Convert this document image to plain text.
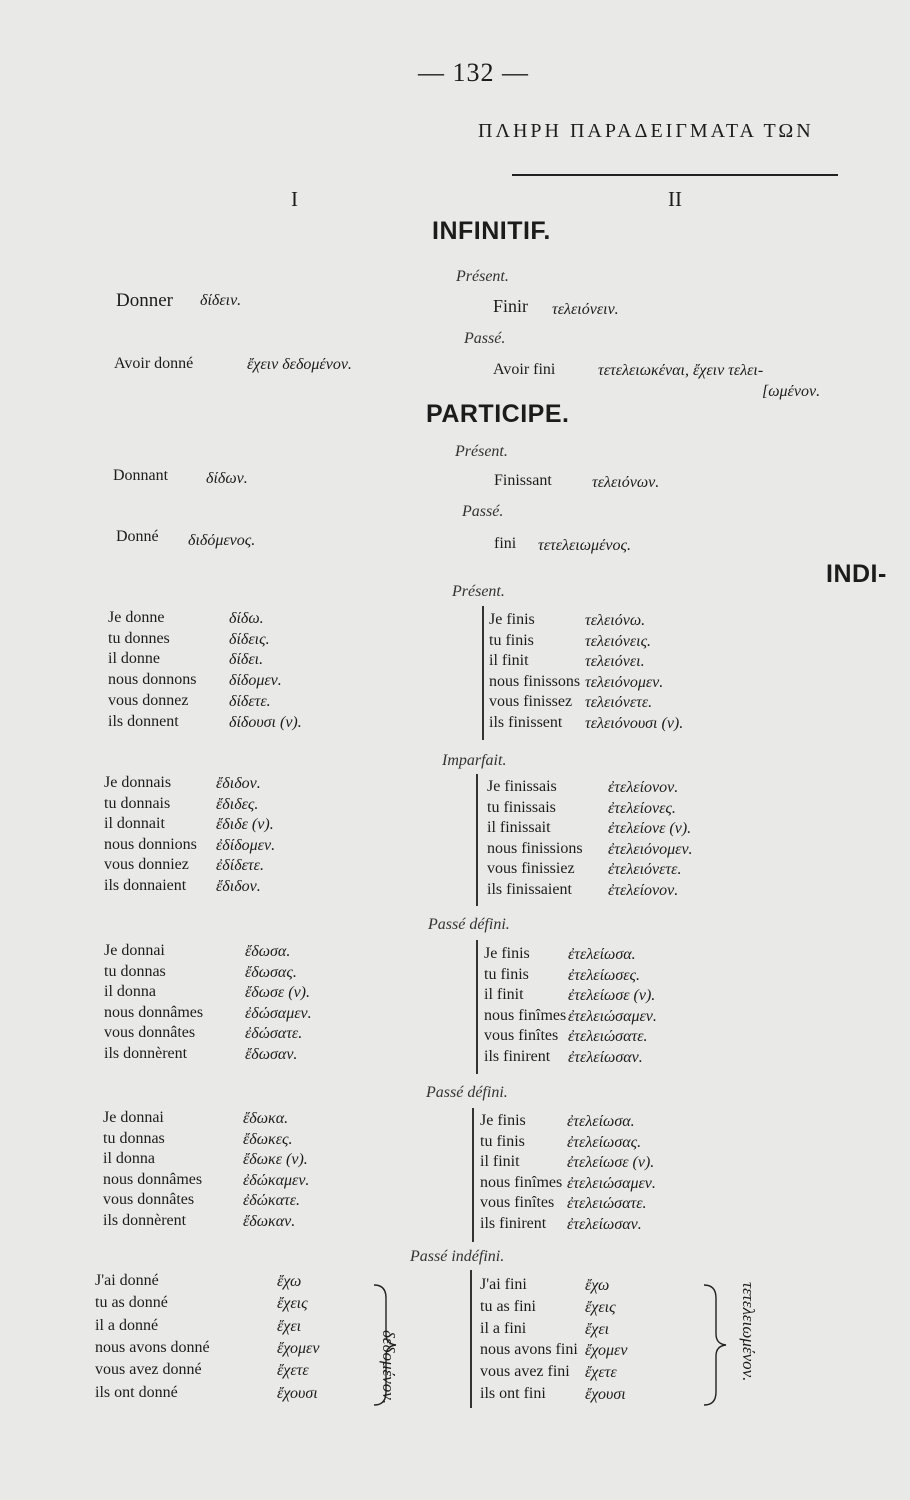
— 132 —
ΠΛΗΡΗ ΠΑΡΑΔΕΙΓΜΑΤΑ ΤΩΝ
I	II
INFINITIF.
Présent.
Donner δίδειν.	Finir τελειόνειν.
Passé.
Avoir donné	ἔχειν δεδομένον.	Avoir fini	τετελειωκέναι, ἔχειν τελει-
[ωμένον.
PARTICIPE.
Présent.
Donnant δίδων.	Finissant	τελειόνων.
Passé.
Donné διδόμενος.	fini τετελειωμένος.
INDI-
Présent.
Imparfait.
Passé défini.
Passé défini.
Passé indéfini.
Je donne	δίδω.
tu donnes	δίδεις.
il donne	δίδει.
nous donnons δίδομεν.
vous donnez	δίδετε.
ils donnent	δίδουσι (ν).
Je finis	τελειόνω.
tu finis	τελειόνεις.
il finit	τελειόνει.
nous finissons τελειόνομεν.
vous finissez τελειόνετε.
ils finissent τελειόνουσι (ν).
Je donnais	ἔδιδον.
tu donnais	ἔδιδες.
il donnait	ἔδιδε (ν).
nous donnions ἐδίδομεν.
vous donniez ἐδίδετε.
ils donnaient ἔδιδον.
Je finissais	ἐτελείονον.
tu finissais	ἐτελείονες.
il finissait	ἐτελείονε (ν).
nous finissions ἐτελειόνομεν.
vous finissiez ἐτελειόνετε.
ils finissaient ἐτελείονον.
Je donnai	ἔδωσα.
tu donnas	ἔδωσας.
il donna	ἔδωσε (ν).
nous donnâmes	ἐδώσαμεν.
vous donnâtes	ἐδώσατε.
ils donnèrent	ἔδωσαν.
Je finis ἐτελείωσα.
tu finis ἐτελείωσες.
il finit	ἐτελείωσε (ν).
nous finîmes ἐτελειώσαμεν.
vous finîtes ἐτελειώσατε.
ils finirent ἐτελείωσαν.
Je donnai	ἔδωκα.
tu donnas	ἔδωκες.
il donna	ἔδωκε (ν).
nous donnâmes	ἐδώκαμεν.
vous donnâtes	ἐδώκατε.
ils donnèrent	ἔδωκαν.
Je finis	ἐτελείωσα.
tu finis	ἐτελείωσας.
il finit	ἐτελείωσε (ν).
nous finîmes ἐτελειώσαμεν.
vous finîtes ἐτελειώσατε.
ils finirent ἐτελείωσαν.
J'ai donné	ἔχω
tu as donné	ἔχεις
il a donné	ἔχει
nous avons donné	ἔχομεν
vous avez donné	ἔχετε
ils ont donné	ἔχουσι
J'ai fini	ἔχω
tu as fini	ἔχεις
il a fini	ἔχει
nous avons fini ἔχομεν
vous avez fini ἔχετε
ils ont fini ἔχουσι
δεδομένον.	τετελειωμένον.
